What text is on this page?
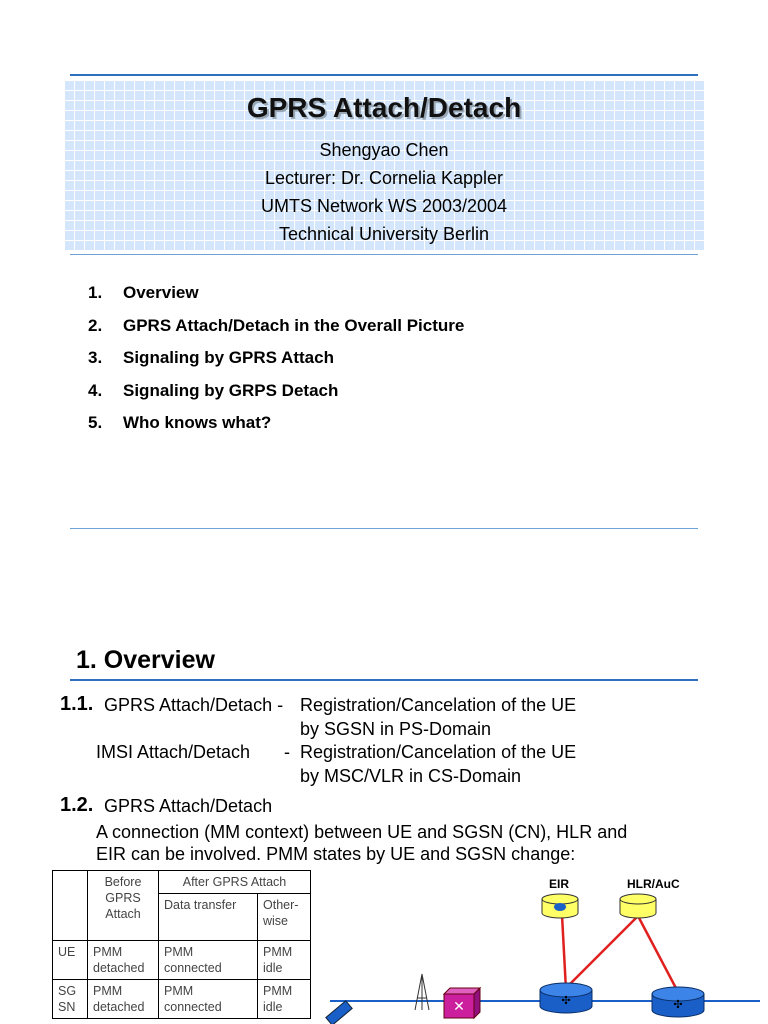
GPRS Attach/Detach
Shengyao Chen
Lecturer: Dr. Cornelia Kappler
UMTS Network WS 2003/2004
Technical University Berlin
1. Overview
2. GPRS Attach/Detach in the Overall Picture
3. Signaling by GPRS Attach
4. Signaling by GRPS Detach
5. Who knows what?
1. Overview
1.1. GPRS Attach/Detach - Registration/Cancelation of the UE
by SGSN in PS-Domain
IMSI Attach/Detach - Registration/Cancelation of the UE
by MSC/VLR in CS-Domain
1.2. GPRS Attach/Detach
A connection (MM context) between UE and SGSN (CN), HLR and
EIR can be involved. PMM states by UE and SGSN change:
	Before GPRS Attach	After GPRS Attach	
		Data transfer	Other-wise
UE	PMM detached	PMM connected	PMM idle
SG SN	PMM detached	PMM connected	PMM idle
EIR	HLR/AuC
✕	✣	✣
